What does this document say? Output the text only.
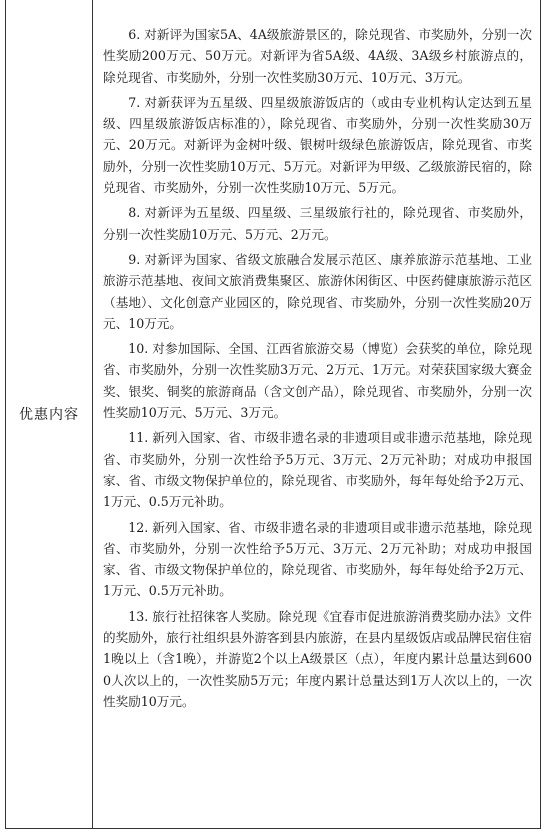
优惠内容

6. 对新评为国家5A、4A级旅游景区的，除兑现省、市奖励外，分别一次性奖励200万元、50万元。对新评为省5A级、4A级、3A级乡村旅游点的，除兑现省、市奖励外，分别一次性奖励30万元、10万元、3万元。

7. 对新获评为五星级、四星级旅游饭店的（或由专业机构认定达到五星级、四星级旅游饭店标准的），除兑现省、市奖励外，分别一次性奖励30万元、20万元。对新评为金树叶级、银树叶级绿色旅游饭店，除兑现省、市奖励外，分别一次性奖励10万元、5万元。对新评为甲级、乙级旅游民宿的，除兑现省、市奖励外，分别一次性奖励10万元、5万元。

8. 对新评为五星级、四星级、三星级旅行社的，除兑现省、市奖励外，分别一次性奖励10万元、5万元、2万元。

9. 对新评为国家、省级文旅融合发展示范区、康养旅游示范基地、工业旅游示范基地、夜间文旅消费集聚区、旅游休闲街区、中医药健康旅游示范区（基地）、文化创意产业园区的，除兑现省、市奖励外，分别一次性奖励20万元、10万元。

10. 对参加国际、全国、江西省旅游交易（博览）会获奖的单位，除兑现省、市奖励外，分别一次性奖励3万元、2万元、1万元。对荣获国家级大赛金奖、银奖、铜奖的旅游商品（含文创产品），除兑现省、市奖励外，分别一次性奖励10万元、5万元、3万元。

11. 新列入国家、省、市级非遗名录的非遗项目或非遗示范基地，除兑现省、市奖励外，分别一次性给予5万元、3万元、2万元补助；对成功申报国家、省、市级文物保护单位的，除兑现省、市奖励外，每年每处给予2万元、1万元、0.5万元补助。

12. 新列入国家、省、市级非遗名录的非遗项目或非遗示范基地，除兑现省、市奖励外，分别一次性给予5万元、3万元、2万元补助；对成功申报国家、省、市级文物保护单位的，除兑现省、市奖励外，每年每处给予2万元、1万元、0.5万元补助。

13. 旅行社招徕客人奖励。除兑现《宜春市促进旅游消费奖励办法》文件的奖励外，旅行社组织县外游客到县内旅游，在县内星级饭店或品牌民宿住宿1晚以上（含1晚），并游览2个以上A级景区（点），年度内累计总量达到6000人次以上的，一次性奖励5万元；年度内累计总量达到1万人次以上的，一次性奖励10万元。
